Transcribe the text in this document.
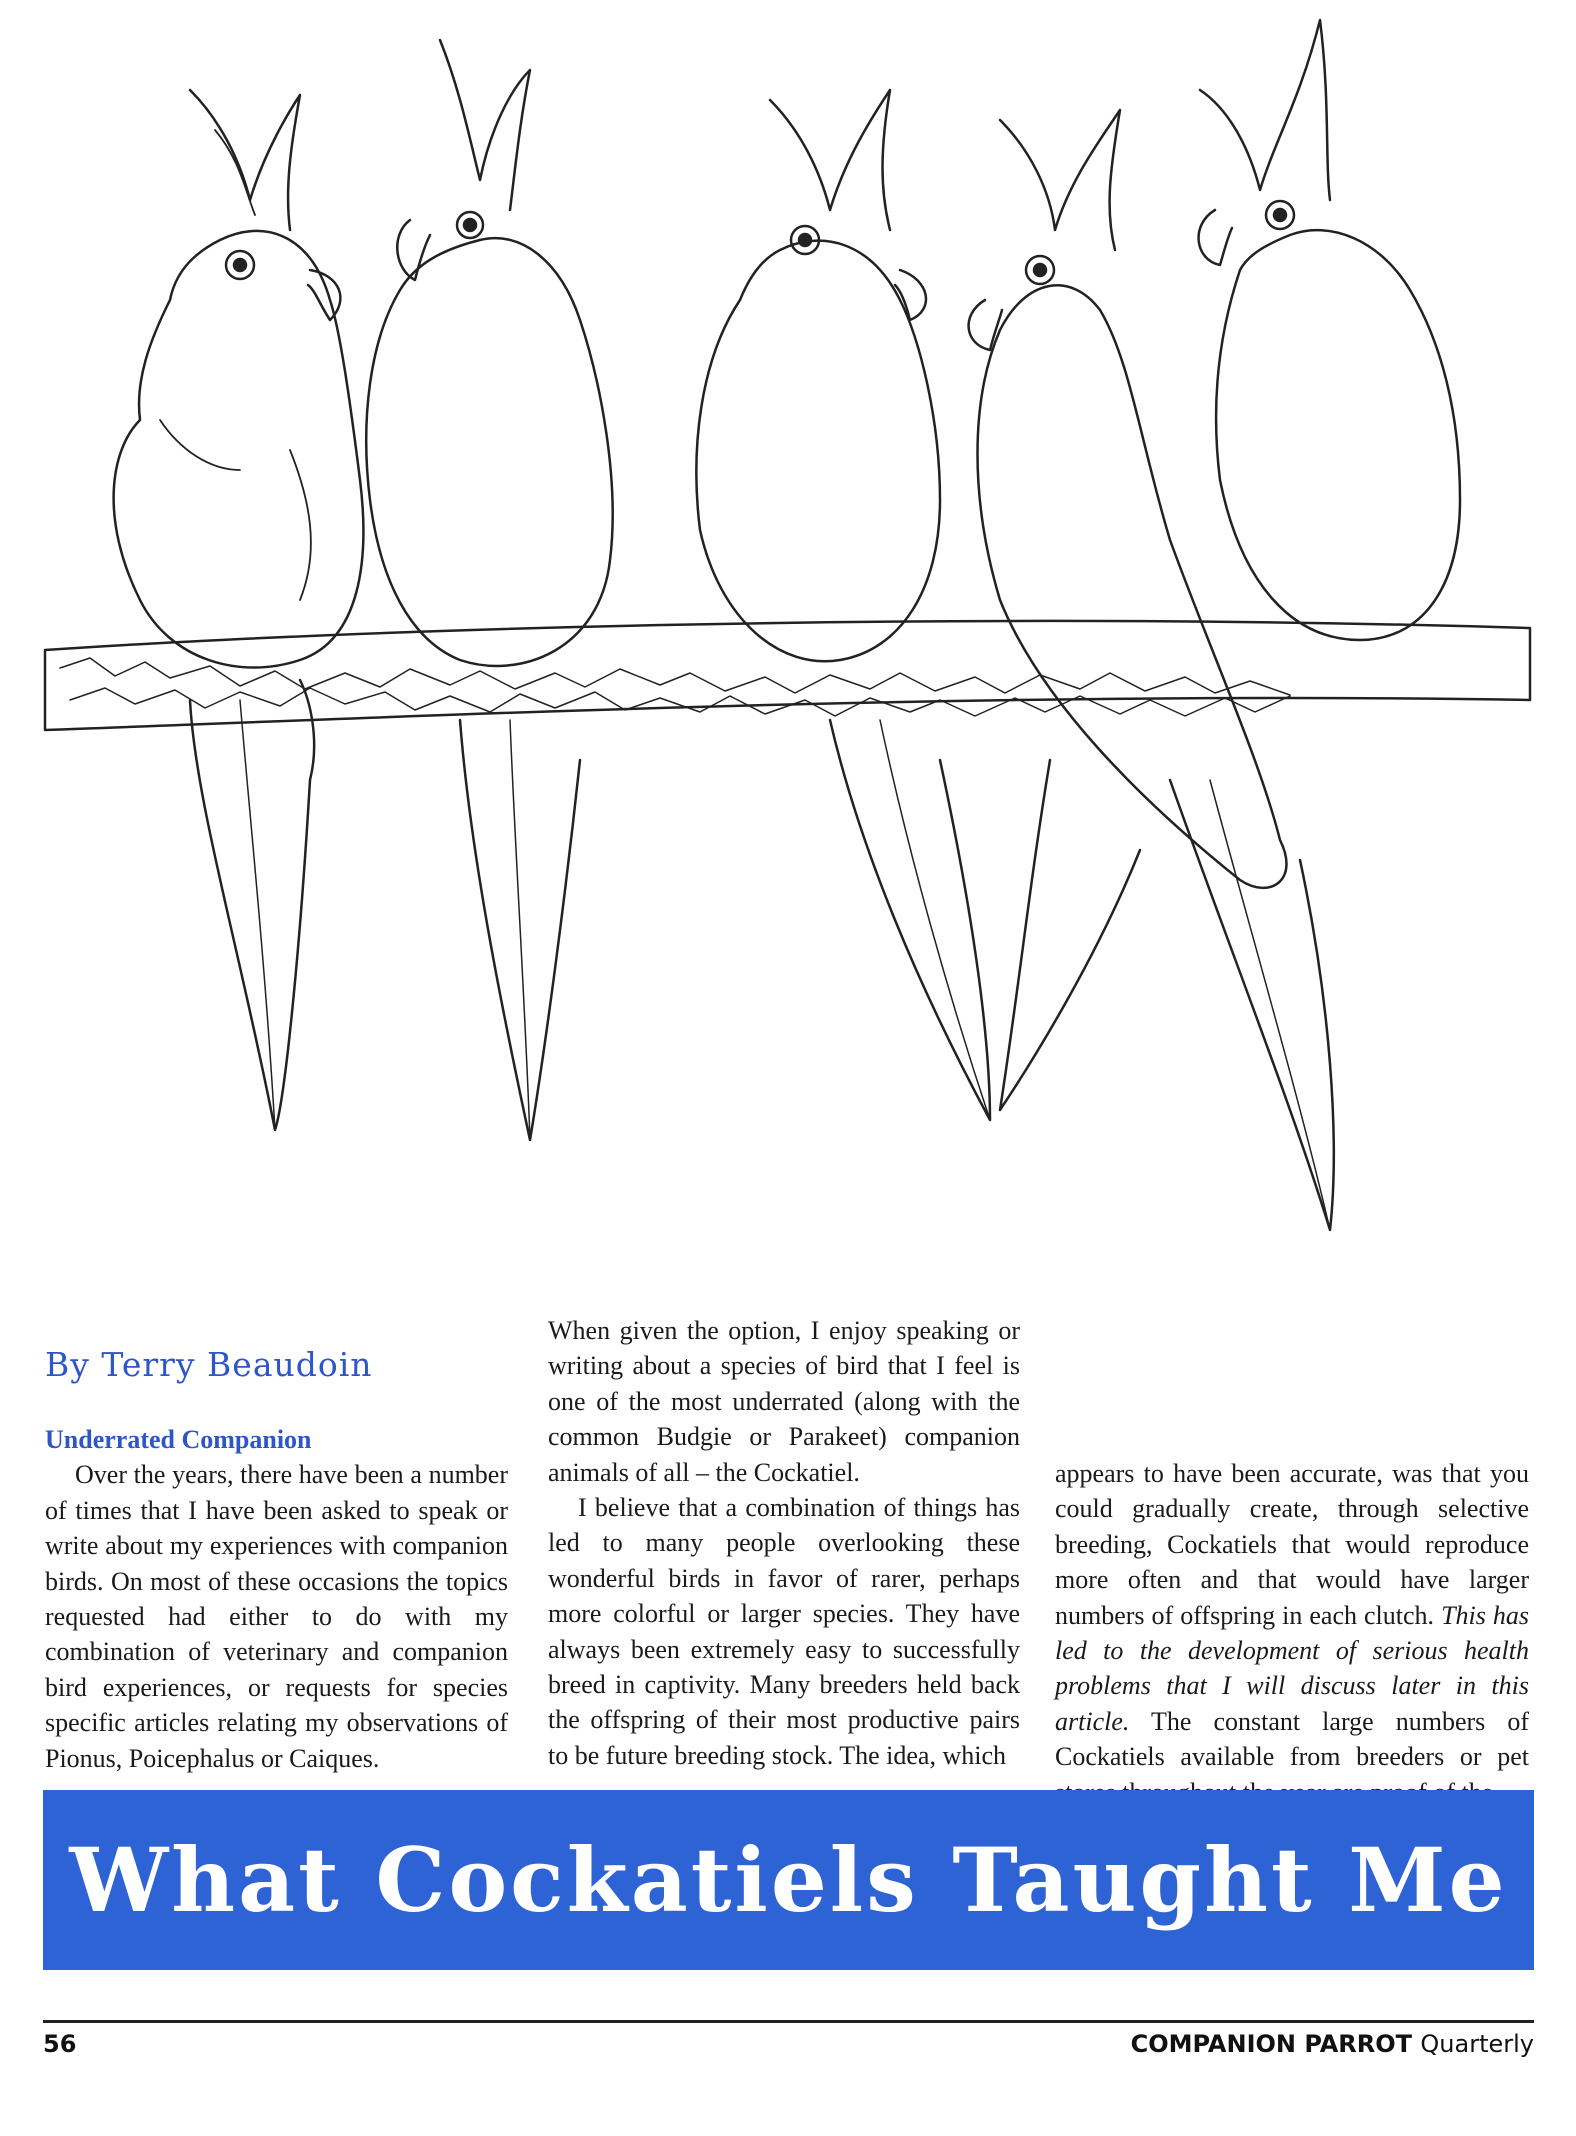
By Terry Beaudoin

Underrated Companion

Over the years, there have been a number of times that I have been asked to speak or write about my experiences with companion birds. On most of these occasions the topics requested had either to do with my combination of veterinary and companion bird experiences, or requests for species specific articles relating my observations of Pionus, Poicephalus or Caiques.

When given the option, I enjoy speaking or writing about a species of bird that I feel is one of the most underrated (along with the common Budgie or Parakeet) companion animals of all – the Cockatiel.

I believe that a combination of things has led to many people overlooking these wonderful birds in favor of rarer, perhaps more colorful or larger species. They have always been extremely easy to successfully breed in captivity. Many breeders held back the offspring of their most productive pairs to be future breeding stock. The idea, which

appears to have been accurate, was that you could gradually create, through selective breeding, Cockatiels that would reproduce more often and that would have larger numbers of offspring in each clutch. This has led to the development of serious health problems that I will discuss later in this article. The constant large numbers of Cockatiels available from breeders or pet

What Cockatiels Taught Me
56	COMPANION PARROT Quarterly
